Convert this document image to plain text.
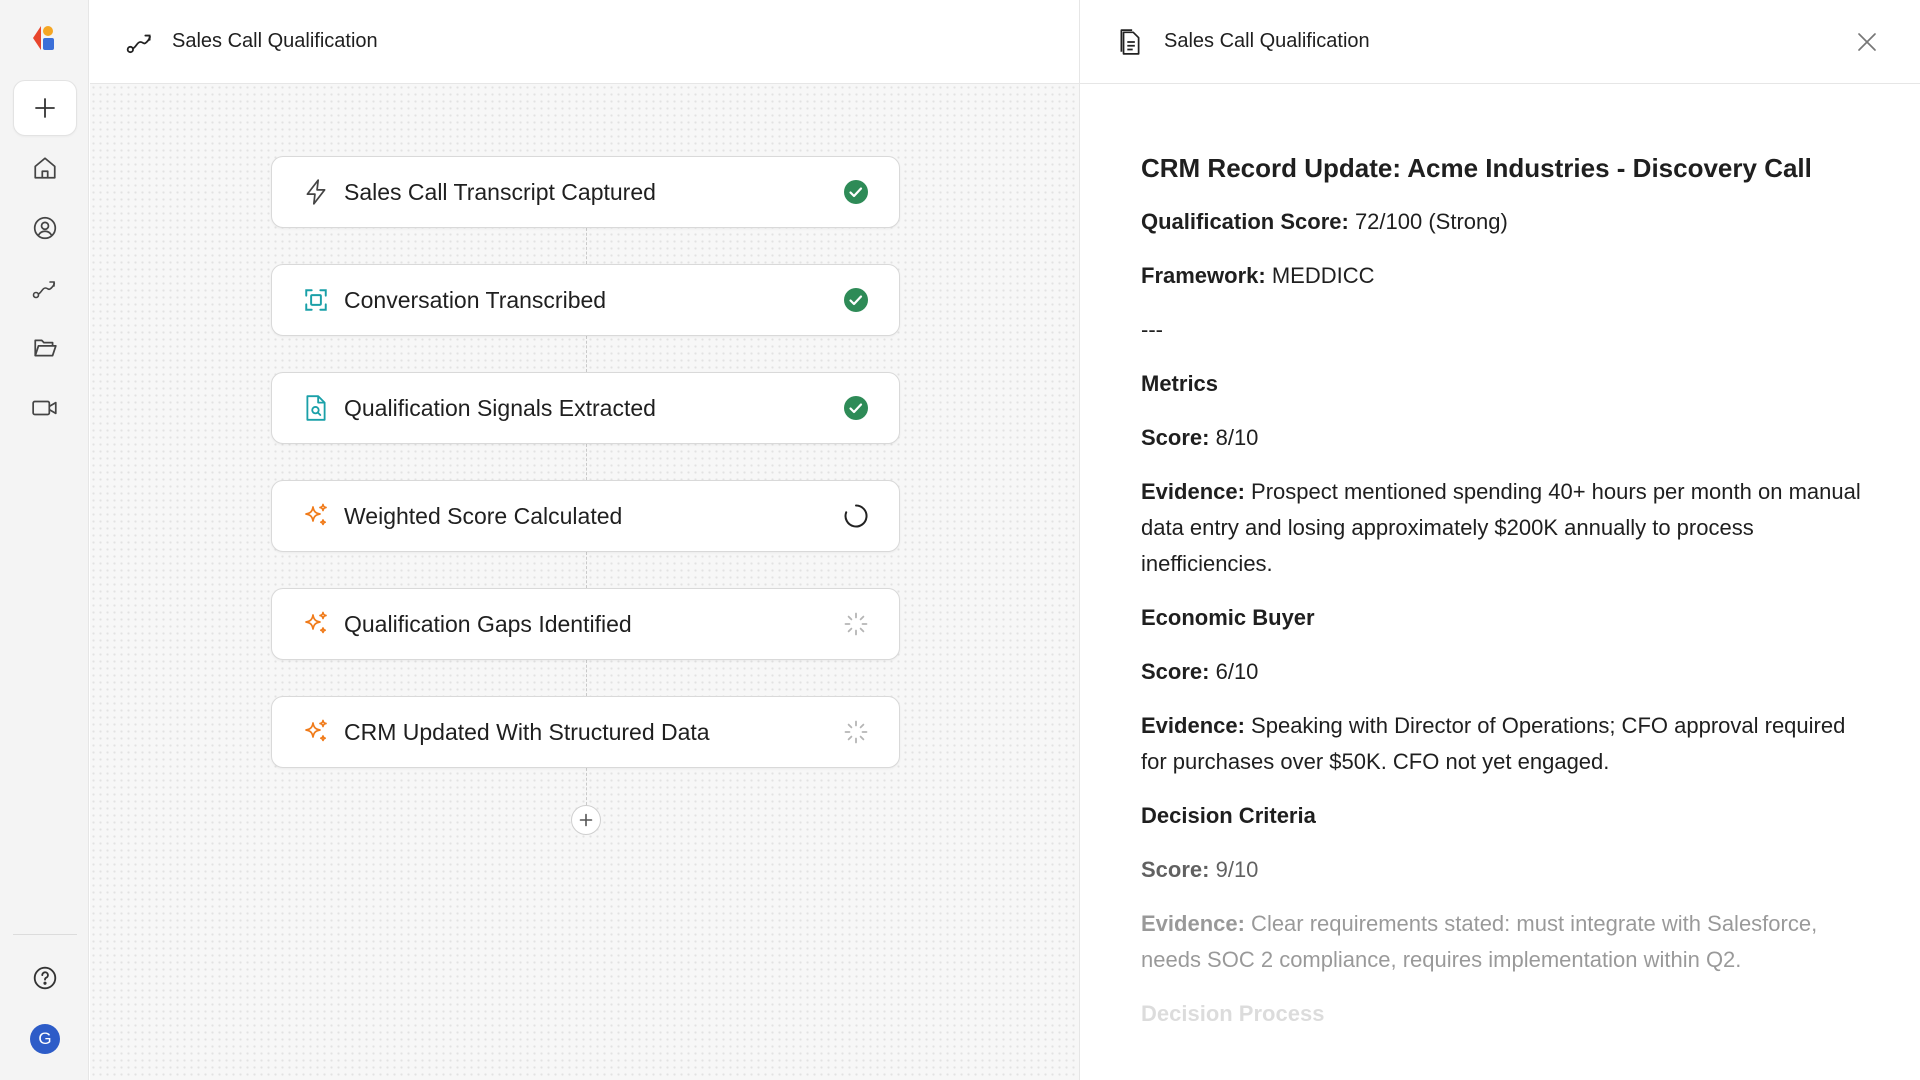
G
Sales Call Qualification
Sales Call Transcript Captured
Conversation Transcribed
Qualification Signals Extracted
Weighted Score Calculated
Qualification Gaps Identified
CRM Updated With Structured Data
Sales Call Qualification
CRM Record Update: Acme Industries - Discovery Call

Qualification Score: 72/100 (Strong)

Framework: MEDDICC

---

Metrics

Score: 8/10

Evidence: Prospect mentioned spending 40+ hours per month on manual data entry and losing approximately $200K annually to process inefficiencies.

Economic Buyer

Score: 6/10

Evidence: Speaking with Director of Operations; CFO approval required for purchases over $50K. CFO not yet engaged.

Decision Criteria

Score: 9/10

Evidence: Clear requirements stated: must integrate with Salesforce, needs SOC 2 compliance, requires implementation within Q2.

Decision Process
